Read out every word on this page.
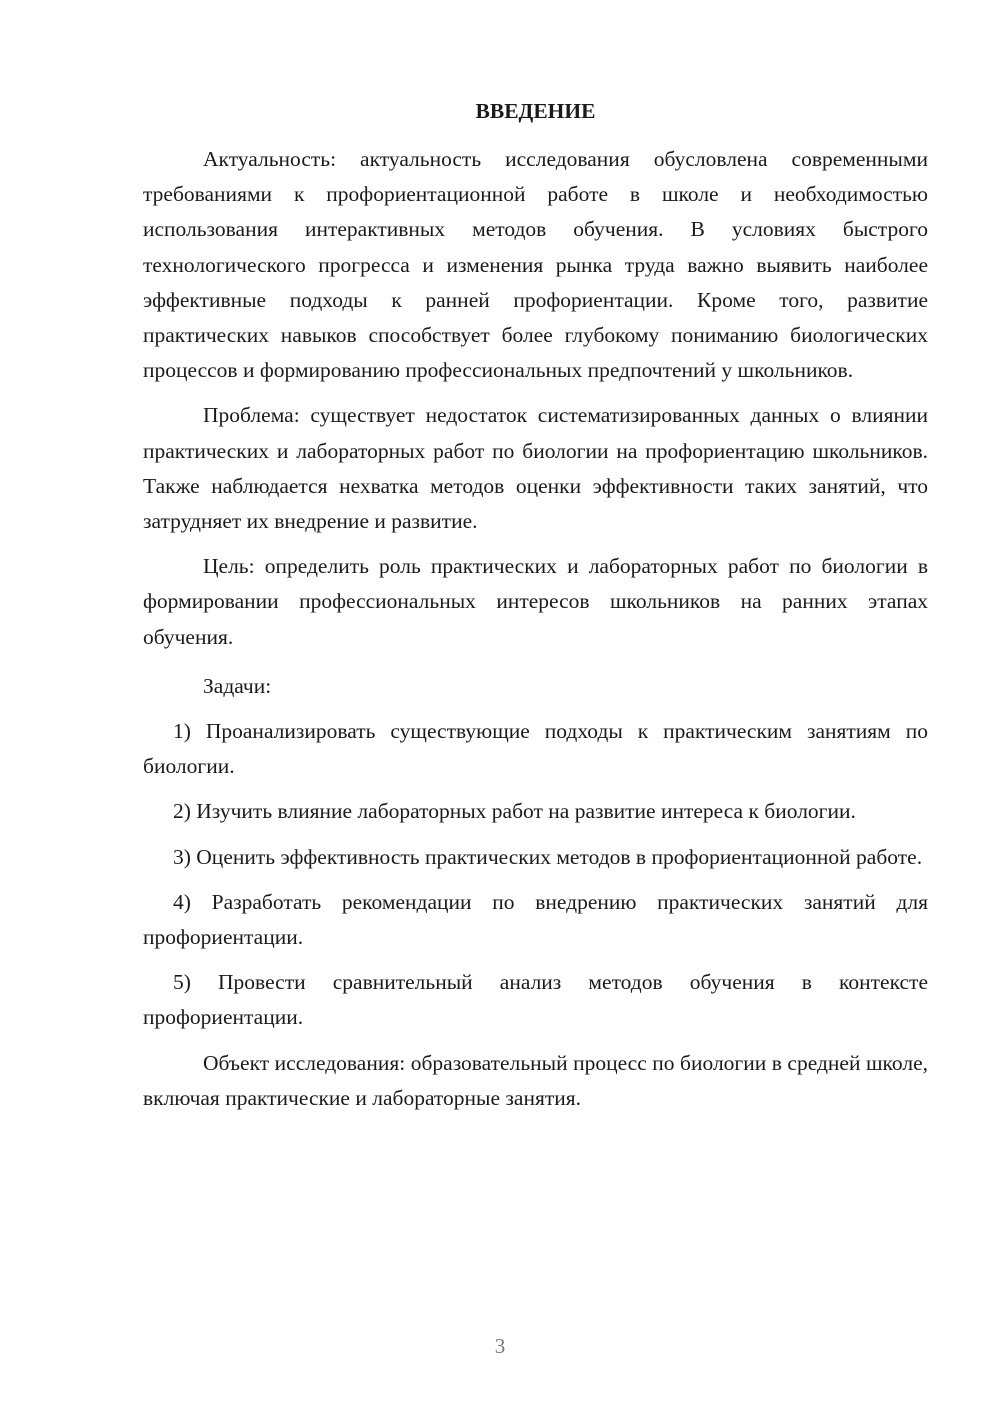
ВВЕДЕНИЕ

Актуальность: актуальность исследования обусловлена современными требованиями к профориентационной работе в школе и необходимостью использования интерактивных методов обучения. В условиях быстрого технологического прогресса и изменения рынка труда важно выявить наиболее эффективные подходы к ранней профориентации. Кроме того, развитие практических навыков способствует более глубокому пониманию биологических процессов и формированию профессиональных предпочтений у школьников.

Проблема: существует недостаток систематизированных данных о влиянии практических и лабораторных работ по биологии на профориентацию школьников. Также наблюдается нехватка методов оценки эффективности таких занятий, что затрудняет их внедрение и развитие.

Цель: определить роль практических и лабораторных работ по биологии в формировании профессиональных интересов школьников на ранних этапах обучения.

Задачи:

1) Проанализировать существующие подходы к практическим занятиям по биологии.

2) Изучить влияние лабораторных работ на развитие интереса к биологии.

3) Оценить эффективность практических методов в профориентационной работе.

4) Разработать рекомендации по внедрению практических занятий для профориентации.

5) Провести сравнительный анализ методов обучения в контексте профориентации.

Объект исследования: образовательный процесс по биологии в средней школе, включая практические и лабораторные занятия.

3
